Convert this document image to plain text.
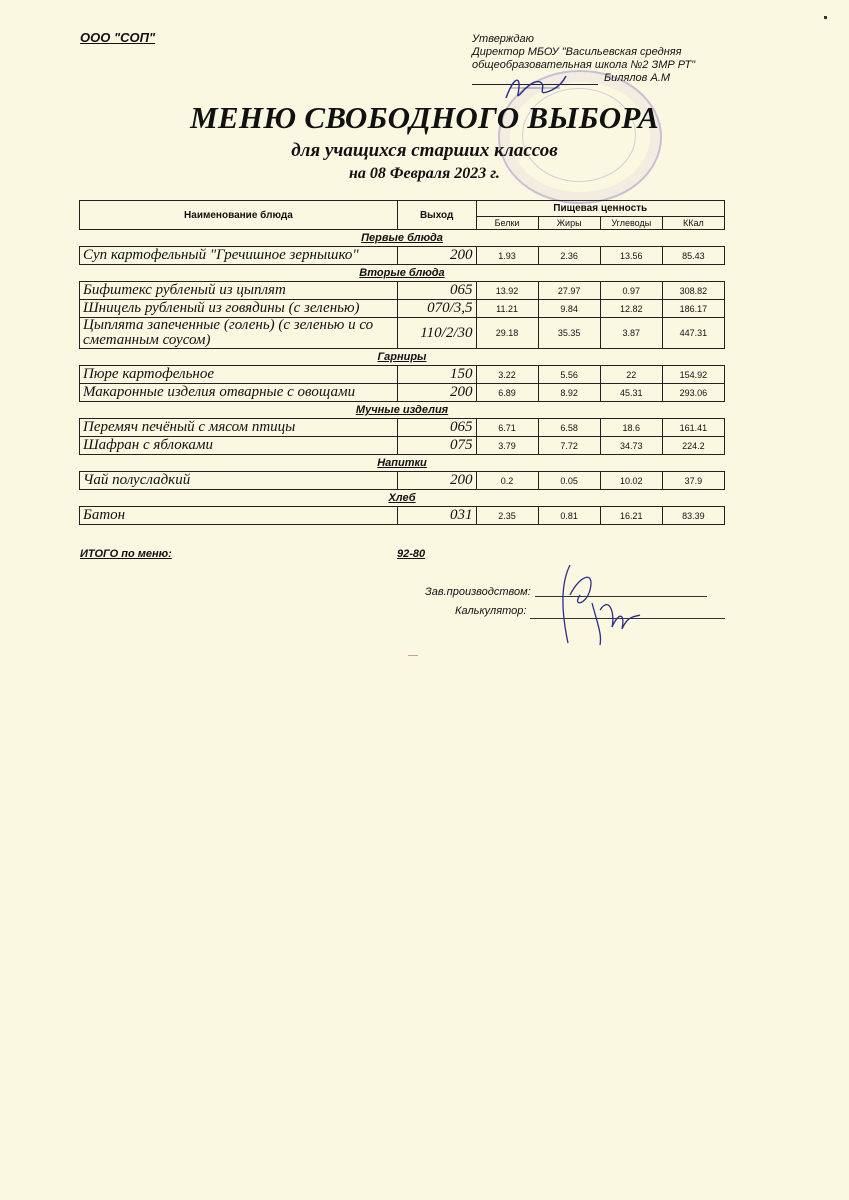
ООО "СОП"	Утверждаю
Директор МБОУ "Васильевская средняя
общеобразовательная школа №2 ЗМР РТ"
Билялов А.М
МЕНЮ СВОБОДНОГО ВЫБОРА
для учащихся старших классов
на 08 Февраля 2023 г.
Наименование блюда	Выход	Пищевая ценность			
		Белки	Жиры	Углеводы	ККал
Первые блюда					
Суп картофельный "Гречишное зернышко"	200	1.93	2.36	13.56	85.43
Вторые блюда					
Бифштекс рубленый из цыплят	065	13.92	27.97	0.97	308.82
Шницель рубленый из говядины (с зеленью)	070/3,5	11.21	9.84	12.82	186.17
Цыплята запеченные (голень) (с зеленью и со сметанным соусом)	110/2/30	29.18	35.35	3.87	447.31
Гарниры					
Пюре картофельное	150	3.22	5.56	22	154.92
Макаронные изделия отварные с овощами	200	6.89	8.92	45.31	293.06
Мучные изделия					
Перемяч печёный с мясом птицы	065	6.71	6.58	18.6	161.41
Шафран с яблоками	075	3.79	7.72	34.73	224.2
Напитки					
Чай полусладкий	200	0.2	0.05	10.02	37.9
Хлеб					
Батон	031	2.35	0.81	16.21	83.39
ИТОГО по меню:	92-80
Зав.производством:
Калькулятор:
